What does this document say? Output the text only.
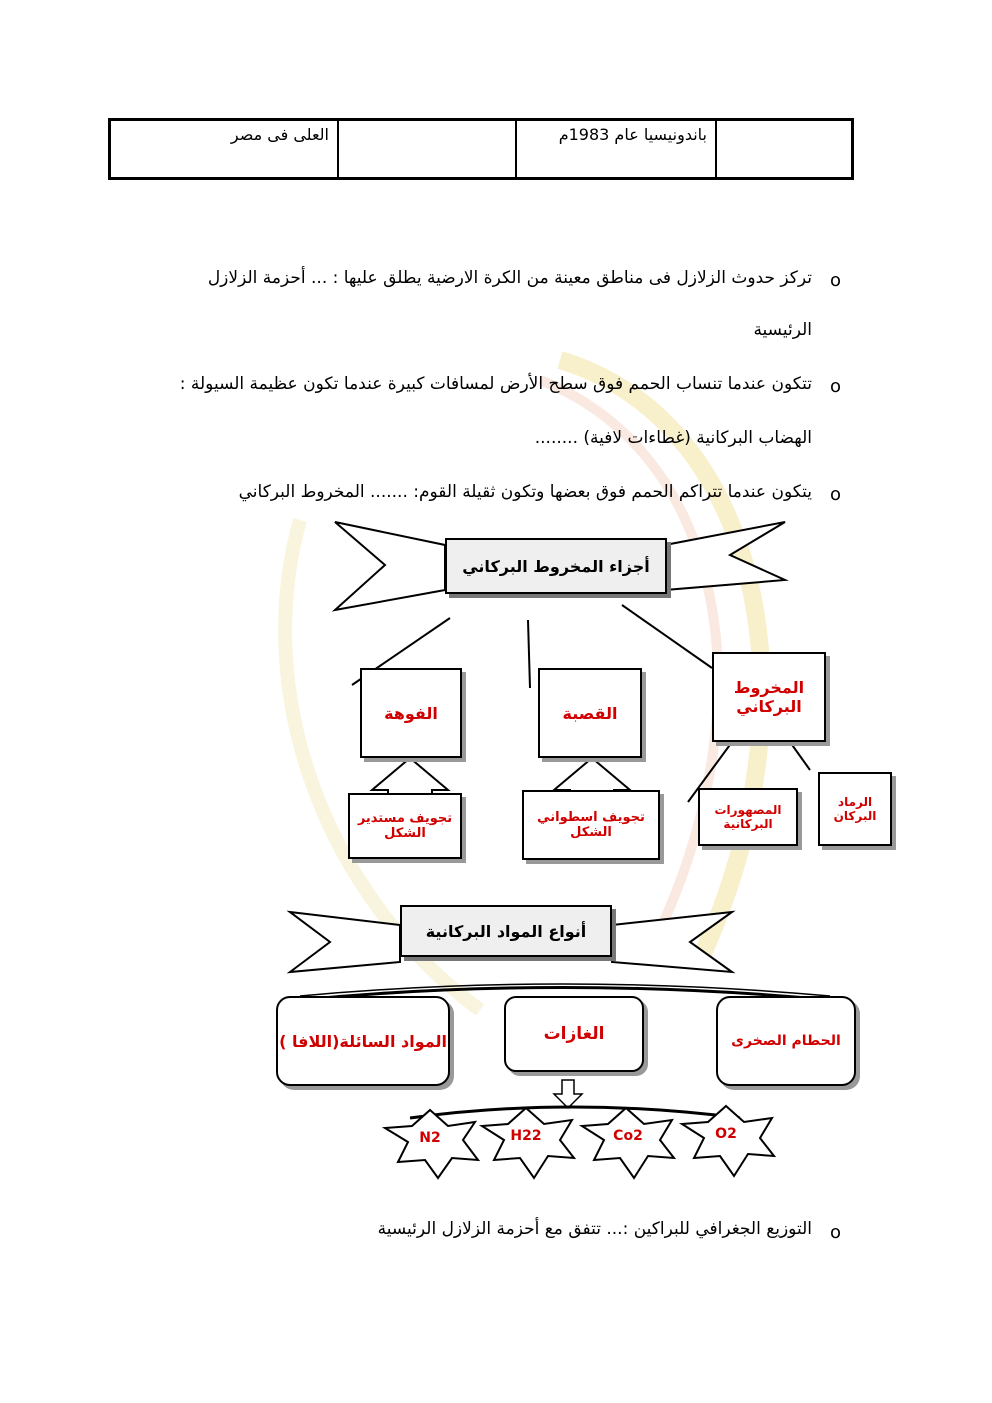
	باندونيسيا عام 1983م		العلى فى مصر
o
تركز حدوث الزلازل فى مناطق معينة من الكرة الارضية يطلق عليها : ... أحزمة الزلازل
الرئيسية
o
تتكون عندما تنساب الحمم فوق سطح الأرض لمسافات كبيرة عندما تكون عظيمة السيولة :
الهضاب البركانية (غطاءات لافية) ........
o
يتكون عندما تتراكم الحمم فوق بعضها وتكون ثقيلة القوم: ....... المخروط البركاني
o
التوزيع الجغرافي للبراكين :... تتفق مع أحزمة الزلازل الرئيسية
أجزاء المخروط البركاني
المخروط البركاني
القصبة
الفوهة
تجويف اسطواني الشكل
تجويف مستدير الشكل
المصهورات البركانية
الرماد البركان
أنواع المواد البركانية
الحطام الصخرى
الغازات
المواد السائلة(اللافا )
O2
Co2
H22
N2
